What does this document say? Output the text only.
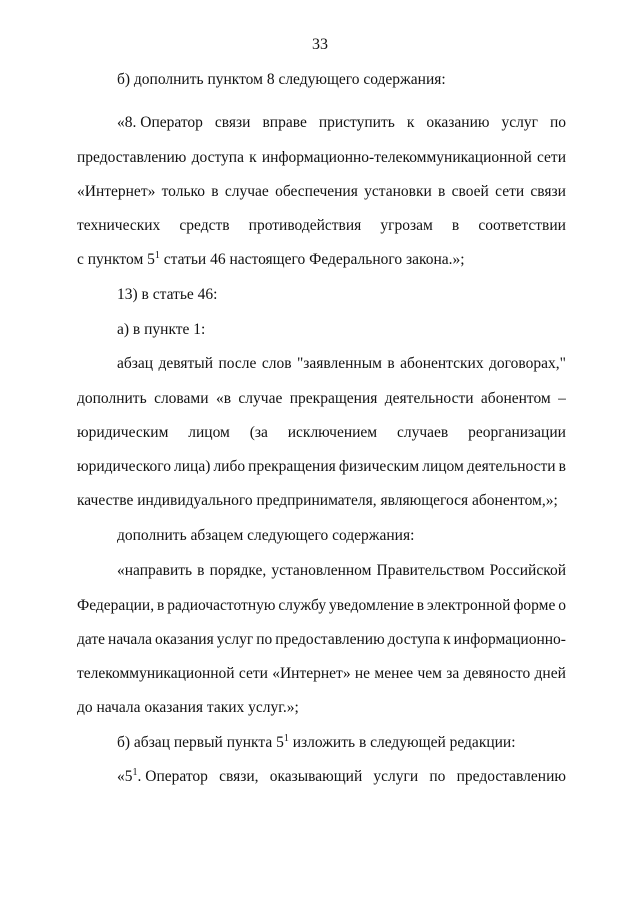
33
б) дополнить пунктом 8 следующего содержания:
«8. Оператор связи вправе приступить к оказанию услуг по
предоставлению доступа к информационно-телекоммуникационной сети
«Интернет» только в случае обеспечения установки в своей сети связи
технических средств противодействия угрозам в соответствии
с пунктом $5^1$ статьи 46 настоящего Федерального закона.»;
13) в статье 46:
а) в пункте 1:
абзац девятый после слов "заявленным в абонентских договорах,"
дополнить словами «в случае прекращения деятельности абонентом –
юридическим лицом (за исключением случаев реорганизации
юридического лица) либо прекращения физическим лицом деятельности в
качестве индивидуального предпринимателя, являющегося абонентом,»;
дополнить абзацем следующего содержания:
«направить в порядке, установленном Правительством Российской
Федерации, в радиочастотную службу уведомление в электронной форме о
дате начала оказания услуг по предоставлению доступа к информационно-
телекоммуникационной сети «Интернет» не менее чем за девяносто дней
до начала оказания таких услуг.»;
б) абзац первый пункта $5^1$ изложить в следующей редакции:
«$5^1$. Оператор связи, оказывающий услуги по предоставлению
